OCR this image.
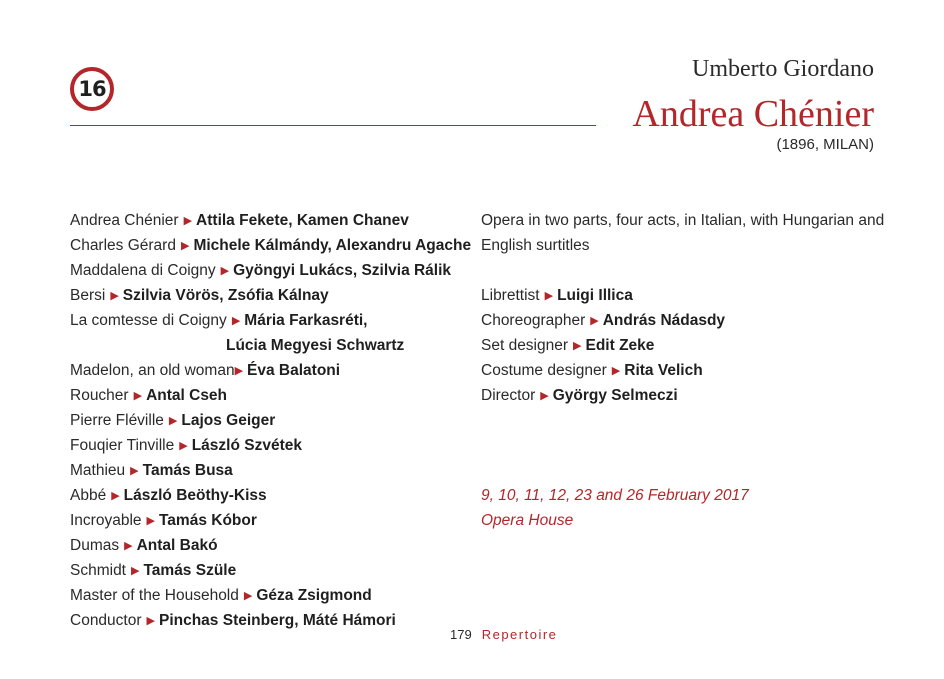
16
Umberto Giordano
Andrea Chénier
(1896, MILAN)
Andrea Chénier ▶ Attila Fekete, Kamen Chanev
Charles Gérard ▶ Michele Kálmándy, Alexandru Agache
Maddalena di Coigny ▶ Gyöngyi Lukács, Szilvia Rálik
Bersi ▶ Szilvia Vörös, Zsófia Kálnay
La comtesse di Coigny ▶ Mária Farkasréti,
Lúcia Megyesi Schwartz
Madelon, an old woman▶ Éva Balatoni
Roucher ▶ Antal Cseh
Pierre Fléville ▶ Lajos Geiger
Fouqier Tinville ▶ László Szvétek
Mathieu ▶ Tamás Busa
Abbé ▶ László Beöthy-Kiss
Incroyable ▶ Tamás Kóbor
Dumas ▶ Antal Bakó
Schmidt ▶ Tamás Szüle
Master of the Household ▶ Géza Zsigmond
Conductor ▶ Pinchas Steinberg, Máté Hámori
Opera in two parts, four acts, in Italian, with Hungarian and
English surtitles
Librettist ▶ Luigi Illica
Choreographer ▶ András Nádasdy
Set designer ▶ Edit Zeke
Costume designer ▶ Rita Velich
Director ▶ György Selmeczi
9, 10, 11, 12, 23 and 26 February 2017
Opera House
179 Repertoire
